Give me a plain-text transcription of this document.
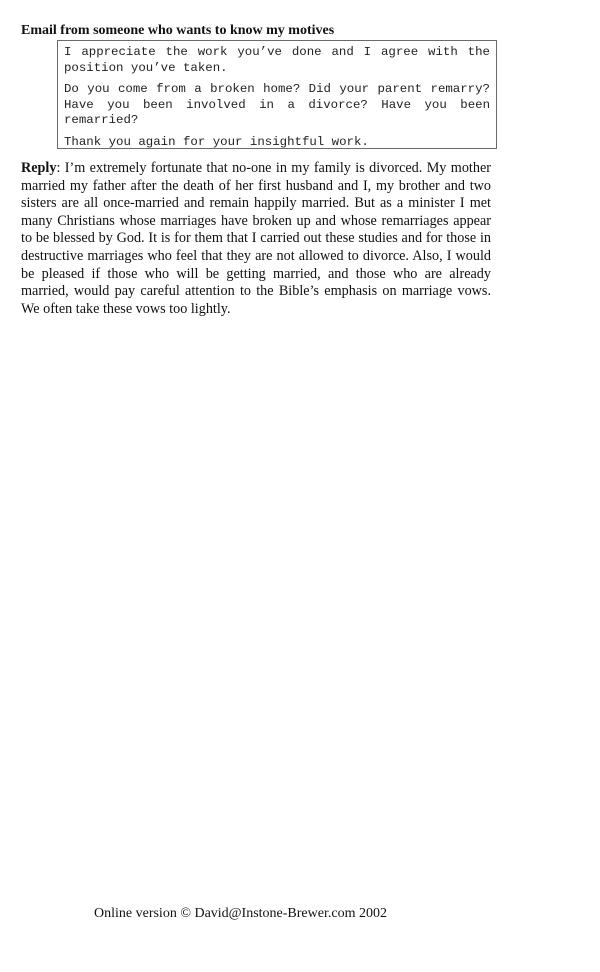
Email from someone who wants to know my motives

I appreciate the work you’ve done and I agree with the position you’ve taken.

Do you come from a broken home? Did your parent remarry? Have you been involved in a divorce? Have you been remarried?

Thank you again for your insightful work.

Reply: I’m extremely fortunate that no-one in my family is divorced. My mother married my father after the death of her first husband and I, my brother and two sisters are all once-married and remain happily married. But as a minister I met many Christians whose marriages have broken up and whose remarriages appear to be blessed by God. It is for them that I carried out these studies and for those in destructive marriages who feel that they are not allowed to divorce. Also, I would be pleased if those who will be getting married, and those who are already married, would pay careful attention to the Bible’s emphasis on marriage vows. We often take these vows too lightly.

Online version © David@Instone-Brewer.com 2002
